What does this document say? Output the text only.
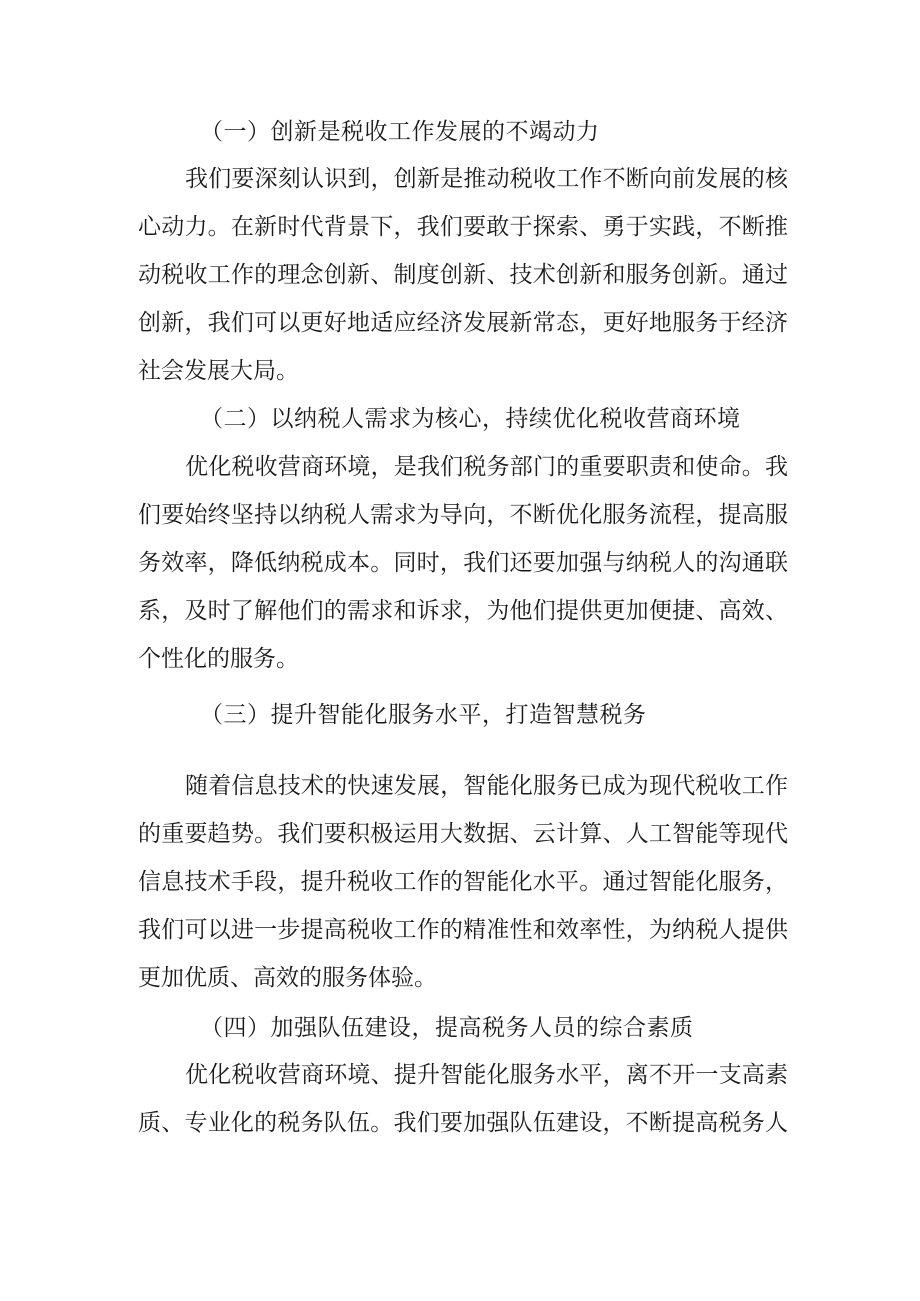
（一）创新是税收工作发展的不竭动力
我们要深刻认识到，创新是推动税收工作不断向前发展的核
心动力。在新时代背景下，我们要敢于探索、勇于实践，不断推
动税收工作的理念创新、制度创新、技术创新和服务创新。通过
创新，我们可以更好地适应经济发展新常态，更好地服务于经济
社会发展大局。
（二）以纳税人需求为核心，持续优化税收营商环境
优化税收营商环境，是我们税务部门的重要职责和使命。我
们要始终坚持以纳税人需求为导向，不断优化服务流程，提高服
务效率，降低纳税成本。同时，我们还要加强与纳税人的沟通联
系，及时了解他们的需求和诉求，为他们提供更加便捷、高效、
个性化的服务。
（三）提升智能化服务水平，打造智慧税务
随着信息技术的快速发展，智能化服务已成为现代税收工作
的重要趋势。我们要积极运用大数据、云计算、人工智能等现代
信息技术手段，提升税收工作的智能化水平。通过智能化服务，
我们可以进一步提高税收工作的精准性和效率性，为纳税人提供
更加优质、高效的服务体验。
（四）加强队伍建设，提高税务人员的综合素质
优化税收营商环境、提升智能化服务水平，离不开一支高素
质、专业化的税务队伍。我们要加强队伍建设，不断提高税务人
